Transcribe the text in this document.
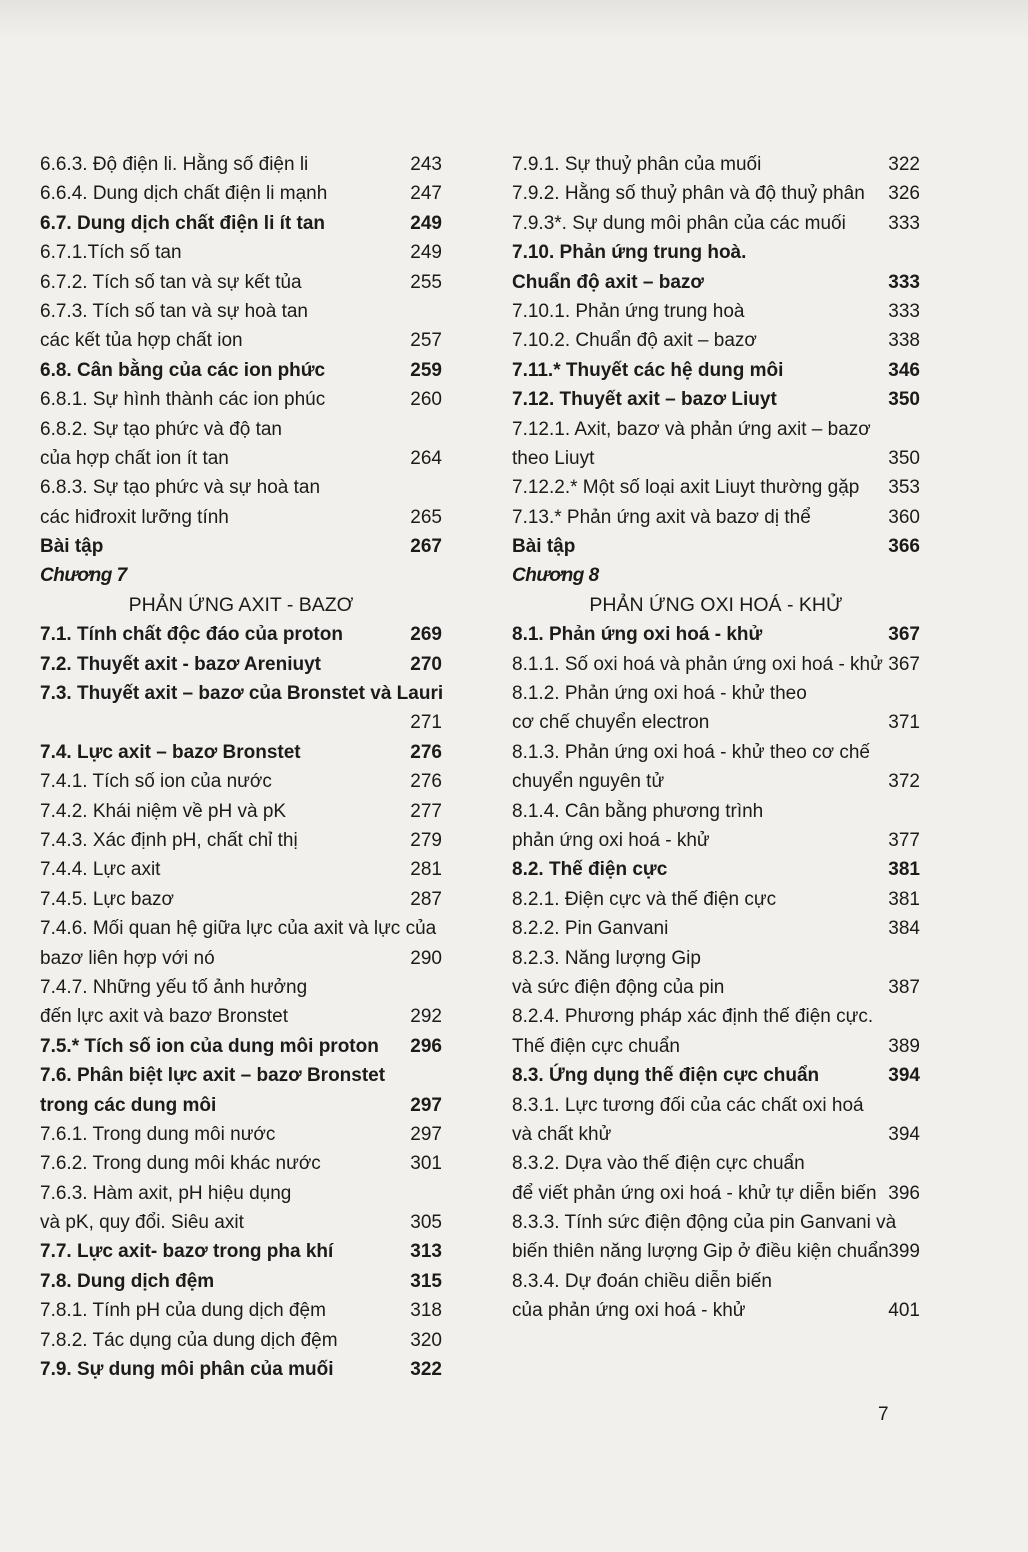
6.6.3. Độ điện li. Hằng số điện li	243
6.6.4. Dung dịch chất điện li mạnh	247
6.7. Dung dịch chất điện li ít tan	249
6.7.1.Tích số tan	249
6.7.2. Tích số tan và sự kết tủa	255
6.7.3. Tích số tan và sự hoà tan
các kết tủa hợp chất ion	257
6.8. Cân bằng của các ion phức	259
6.8.1. Sự hình thành các ion phúc	260
6.8.2. Sự tạo phức và độ tan
của hợp chất ion ít tan	264
6.8.3. Sự tạo phức và sự hoà tan
các hiđroxit lưỡng tính	265
Bài tập	267
Chương 7
PHẢN ỨNG AXIT - BAZƠ
7.1. Tính chất độc đáo của proton	269
7.2. Thuyết axit - bazơ Areniuyt	270
7.3. Thuyết axit – bazơ của Bronstet và Lauri
271
7.4. Lực axit – bazơ Bronstet	276
7.4.1. Tích số ion của nước	276
7.4.2. Khái niệm về pH và pK	277
7.4.3. Xác định pH, chất chỉ thị	279
7.4.4. Lực axit	281
7.4.5. Lực bazơ	287
7.4.6. Mối quan hệ giữa lực của axit và lực của
bazơ liên hợp với nó	290
7.4.7. Những yếu tố ảnh hưởng
đến lực axit và bazơ Bronstet	292
7.5.* Tích số ion của dung môi proton 296
7.6. Phân biệt lực axit – bazơ Bronstet
trong các dung môi	297
7.6.1. Trong dung môi nước	297
7.6.2. Trong dung môi khác nước	301
7.6.3. Hàm axit, pH hiệu dụng
và pK, quy đổi. Siêu axit	305
7.7. Lực axit- bazơ trong pha khí	313
7.8. Dung dịch đệm	315
7.8.1. Tính pH của dung dịch đệm	318
7.8.2. Tác dụng của dung dịch đệm	320
7.9. Sự dung môi phân của muối	322
7.9.1. Sự thuỷ phân của muối	322
7.9.2. Hằng số thuỷ phân và độ thuỷ phân 326
7.9.3*. Sự dung môi phân của các muối 333
7.10. Phản ứng trung hoà.
Chuẩn độ axit – bazơ	333
7.10.1. Phản ứng trung hoà	333
7.10.2. Chuẩn độ axit – bazơ	338
7.11.* Thuyết các hệ dung môi	346
7.12. Thuyết axit – bazơ Liuyt	350
7.12.1. Axit, bazơ và phản ứng axit – bazơ
theo Liuyt	350
7.12.2.* Một số loại axit Liuyt thường gặp 353
7.13.* Phản ứng axit và bazơ dị thể	360
Bài tập	366
Chương 8
PHẢN ỨNG OXI HOÁ - KHỬ
8.1. Phản ứng oxi hoá - khử	367
8.1.1. Số oxi hoá và phản ứng oxi hoá - khử 367
8.1.2. Phản ứng oxi hoá - khử theo
cơ chế chuyển electron	371
8.1.3. Phản ứng oxi hoá - khử theo cơ chế
chuyển nguyên tử	372
8.1.4. Cân bằng phương trình
phản ứng oxi hoá - khử	377
8.2. Thế điện cực	381
8.2.1. Điện cực và thế điện cực	381
8.2.2. Pin Ganvani	384
8.2.3. Năng lượng Gip
và sức điện động của pin	387
8.2.4. Phương pháp xác định thế điện cực.
Thế điện cực chuẩn	389
8.3. Ứng dụng thế điện cực chuẩn	394
8.3.1. Lực tương đối của các chất oxi hoá
và chất khử	394
8.3.2. Dựa vào thế điện cực chuẩn
để viết phản ứng oxi hoá - khử tự diễn biến 396
8.3.3. Tính sức điện động của pin Ganvani và
biến thiên năng lượng Gip ở điều kiện chuẩn 399
8.3.4. Dự đoán chiều diễn biến
của phản ứng oxi hoá - khử	401
7
